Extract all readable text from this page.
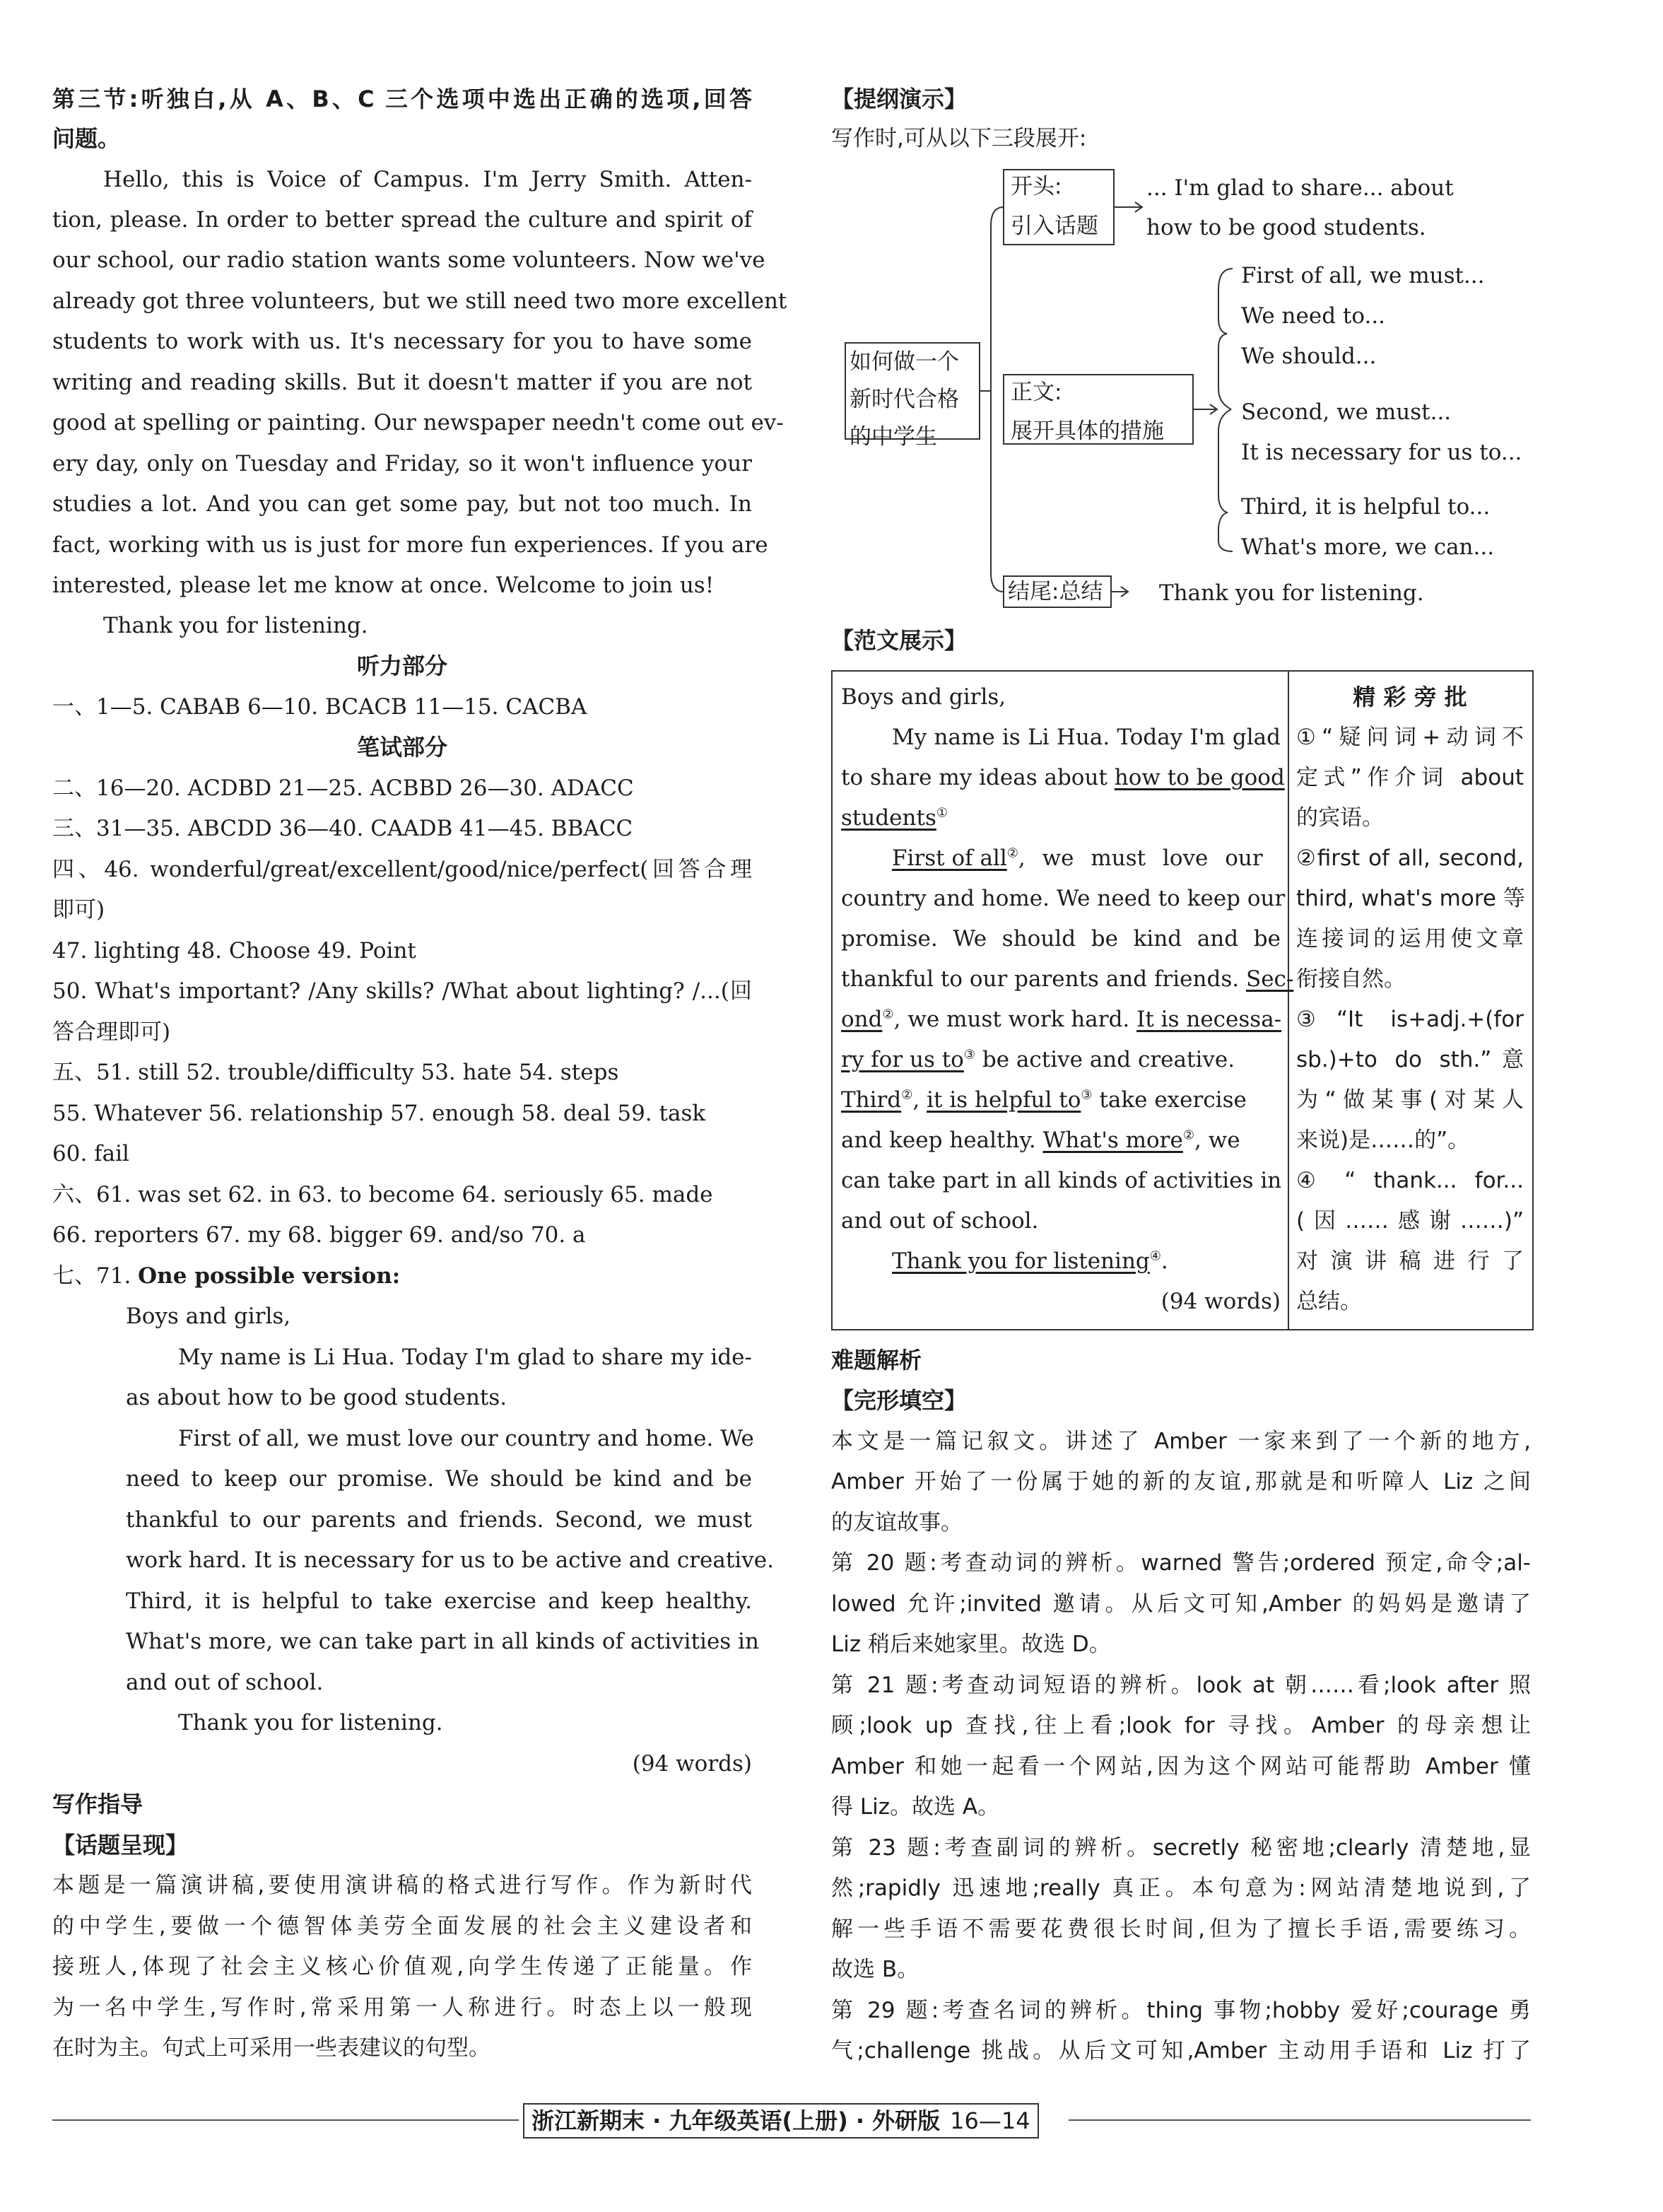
第三节:听独白,从 A、B、C 三个选项中选出正确的选项,回答
问题。
Hello, this is Voice of Campus. I'm Jerry Smith. Atten-
tion, please. In order to better spread the culture and spirit of
our school, our radio station wants some volunteers. Now we've
already got three volunteers, but we still need two more excellent
students to work with us. It's necessary for you to have some
writing and reading skills. But it doesn't matter if you are not
good at spelling or painting. Our newspaper needn't come out ev-
ery day, only on Tuesday and Friday, so it won't influence your
studies a lot. And you can get some pay, but not too much. In
fact, working with us is just for more fun experiences. If you are
interested, please let me know at once. Welcome to join us!
Thank you for listening.
听力部分
一、1—5. CABAB 6—10. BCACB 11—15. CACBA
笔试部分
二、16—20. ACDBD 21—25. ACBBD 26—30. ADACC
三、31—35. ABCDD 36—40. CAADB 41—45. BBACC
四、46. wonderful/great/excellent/good/nice/perfect(回答合理
即可)
47. lighting 48. Choose 49. Point
50. What's important? /Any skills? /What about lighting? /...(回
答合理即可)
五、51. still 52. trouble/difficulty 53. hate 54. steps
55. Whatever 56. relationship 57. enough 58. deal 59. task
60. fail
六、61. was set 62. in 63. to become 64. seriously 65. made
66. reporters 67. my 68. bigger 69. and/so 70. a
七、71. One possible version:
Boys and girls,
My name is Li Hua. Today I'm glad to share my ide-
as about how to be good students.
First of all, we must love our country and home. We
need to keep our promise. We should be kind and be
thankful to our parents and friends. Second, we must
work hard. It is necessary for us to be active and creative.
Third, it is helpful to take exercise and keep healthy.
What's more, we can take part in all kinds of activities in
and out of school.
Thank you for listening.
(94 words)
写作指导
【话题呈现】
本题是一篇演讲稿,要使用演讲稿的格式进行写作。作为新时代
的中学生,要做一个德智体美劳全面发展的社会主义建设者和
接班人,体现了社会主义核心价值观,向学生传递了正能量。作
为一名中学生,写作时,常采用第一人称进行。时态上以一般现
在时为主。句式上可采用一些表建议的句型。
【提纲演示】
写作时,可从以下三段展开:
如何做一个
新时代合格
的中学生
开头:
引入话题
... I'm glad to share... about
how to be good students.
正文:
展开具体的措施
First of all, we must...
We need to...
We should...
Second, we must...
It is necessary for us to...
Third, it is helpful to...
What's more, we can...
结尾:总结	Thank you for listening.
【范文展示】
Boys and girls,
My name is Li Hua. Today I'm glad
to share my ideas about how to be good
students①
First of all②, we must love our
country and home. We need to keep our
promise. We should be kind and be
thankful to our parents and friends. Sec-
ond②, we must work hard. It is necessa-
ry for us to③ be active and creative.
Third②, it is helpful to③ take exercise
and keep healthy. What's more②, we
can take part in all kinds of activities in
and out of school.
Thank you for listening④.
(94 words)
精 彩 旁 批
①“疑问词+动词不
定式”作介词 about
的宾语。
②first of all, second,
third, what's more 等
连接词的运用使文章
衔接自然。
③“It is+adj.+(for
sb.)+to do sth.”意
为“做某事(对某人
来说)是……的”。
④ “ thank... for...
(因……感谢……)”
对演讲稿进行了
总结。
难题解析
【完形填空】
本文是一篇记叙文。讲述了 Amber 一家来到了一个新的地方,
Amber 开始了一份属于她的新的友谊,那就是和听障人 Liz 之间
的友谊故事。
第 20 题:考查动词的辨析。warned 警告;ordered 预定,命令;al-
lowed 允许;invited 邀请。从后文可知,Amber 的妈妈是邀请了
Liz 稍后来她家里。故选 D。
第 21 题:考查动词短语的辨析。look at 朝……看;look after 照
顾;look up 查找,往上看;look for 寻找。Amber 的母亲想让
Amber 和她一起看一个网站,因为这个网站可能帮助 Amber 懂
得 Liz。故选 A。
第 23 题:考查副词的辨析。secretly 秘密地;clearly 清楚地,显
然;rapidly 迅速地;really 真正。本句意为:网站清楚地说到,了
解一些手语不需要花费很长时间,但为了擅长手语,需要练习。
故选 B。
第 29 题:考查名词的辨析。thing 事物;hobby 爱好;courage 勇
气;challenge 挑战。从后文可知,Amber 主动用手语和 Liz 打了
浙江新期末 · 九年级英语(上册) · 外研版 16—14
